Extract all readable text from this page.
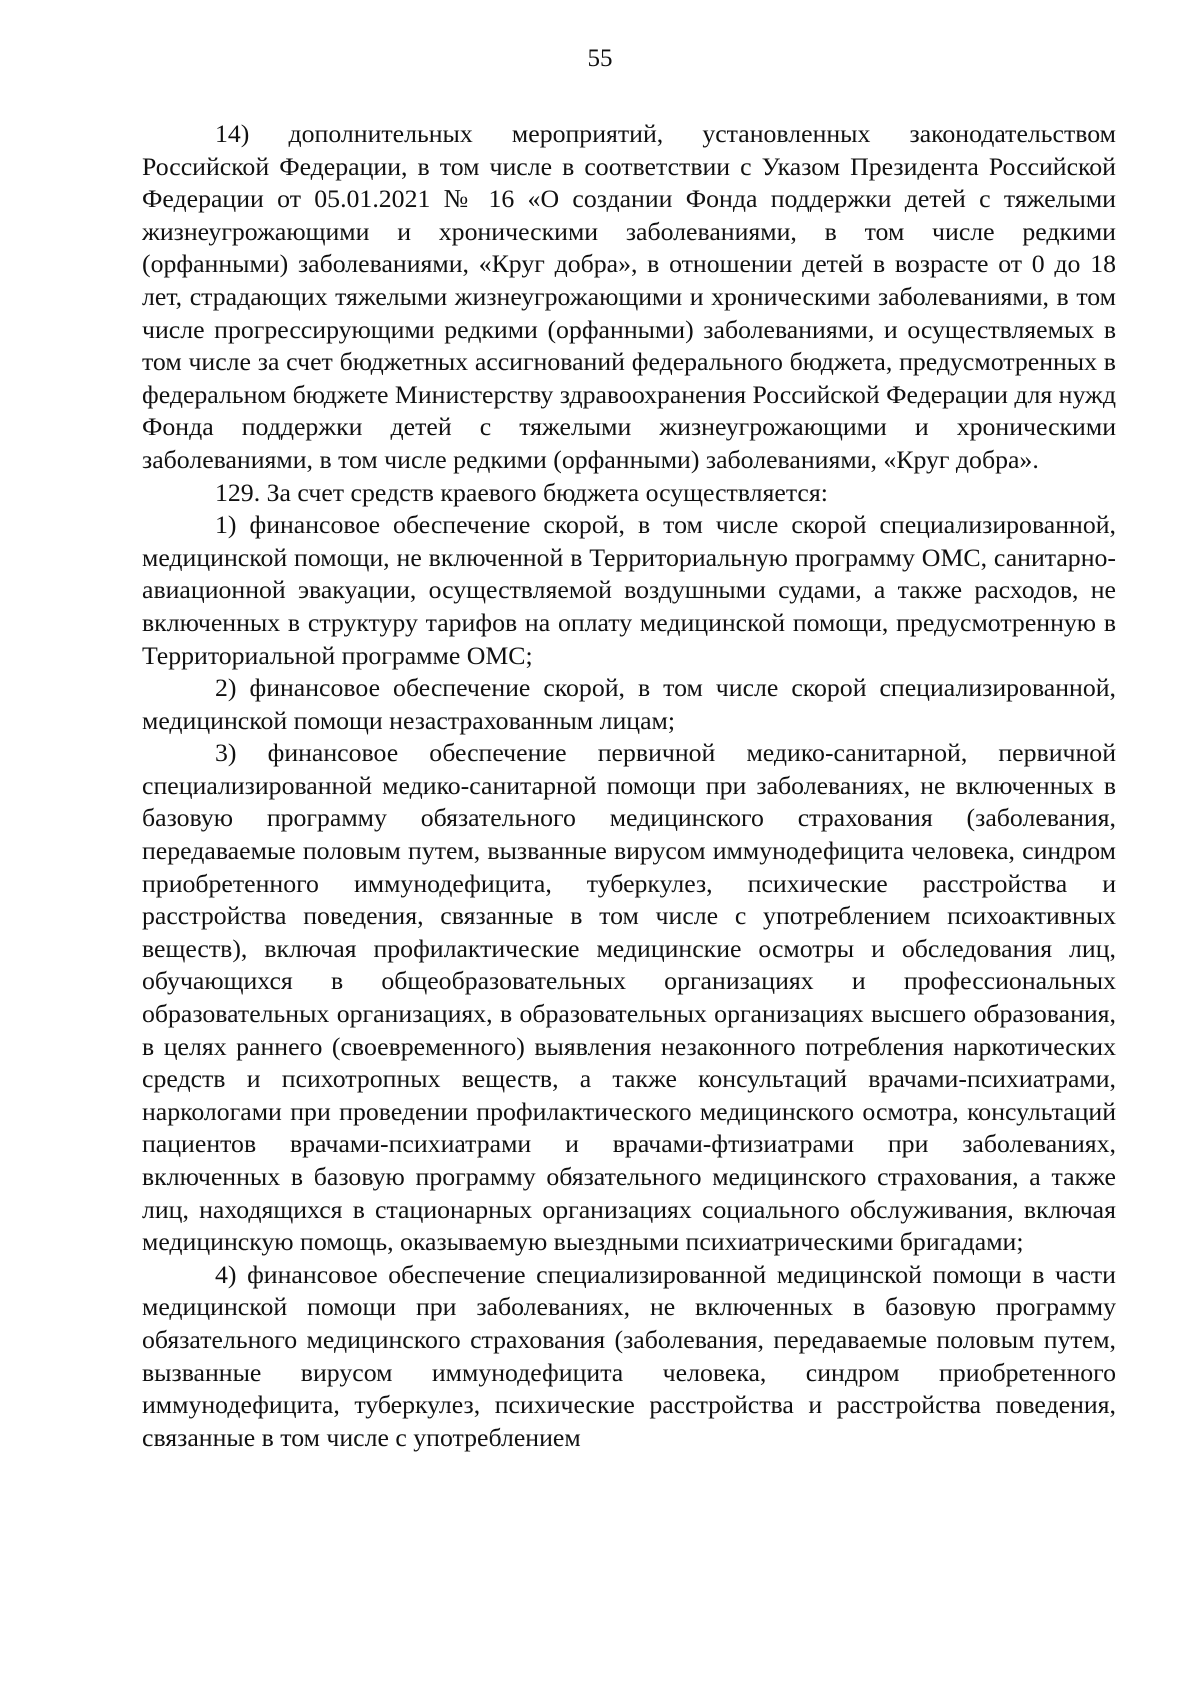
55

14) дополнительных мероприятий, установленных законодательством Российской Федерации, в том числе в соответствии с Указом Президента Российской Федерации от 05.01.2021 № 16 «О создании Фонда поддержки детей с тяжелыми жизнеугрожающими и хроническими заболеваниями, в том числе редкими (орфанными) заболеваниями, «Круг добра», в отношении детей в возрасте от 0 до 18 лет, страдающих тяжелыми жизнеугрожающими и хроническими заболеваниями, в том числе прогрессирующими редкими (орфанными) заболеваниями, и осуществляемых в том числе за счет бюджетных ассигнований федерального бюджета, предусмотренных в федеральном бюджете Министерству здравоохранения Российской Федерации для нужд Фонда поддержки детей с тяжелыми жизнеугрожающими и хроническими заболеваниями, в том числе редкими (орфанными) заболеваниями, «Круг добра».

129. За счет средств краевого бюджета осуществляется:

1) финансовое обеспечение скорой, в том числе скорой специализированной, медицинской помощи, не включенной в Территориальную программу ОМС, санитарно-авиационной эвакуации, осуществляемой воздушными судами, а также расходов, не включенных в структуру тарифов на оплату медицинской помощи, предусмотренную в Территориальной программе ОМС;

2) финансовое обеспечение скорой, в том числе скорой специализированной, медицинской помощи незастрахованным лицам;

3) финансовое обеспечение первичной медико-санитарной, первичной специализированной медико-санитарной помощи при заболеваниях, не включенных в базовую программу обязательного медицинского страхования (заболевания, передаваемые половым путем, вызванные вирусом иммунодефицита человека, синдром приобретенного иммунодефицита, туберкулез, психические расстройства и расстройства поведения, связанные в том числе с употреблением психоактивных веществ), включая профилактические медицинские осмотры и обследования лиц, обучающихся в общеобразовательных организациях и профессиональных образовательных организациях, в образовательных организациях высшего образования, в целях раннего (своевременного) выявления незаконного потребления наркотических средств и психотропных веществ, а также консультаций врачами-психиатрами, наркологами при проведении профилактического медицинского осмотра, консультаций пациентов врачами-психиатрами и врачами-фтизиатрами при заболеваниях, включенных в базовую программу обязательного медицинского страхования, а также лиц, находящихся в стационарных организациях социального обслуживания, включая медицинскую помощь, оказываемую выездными психиатрическими бригадами;

4) финансовое обеспечение специализированной медицинской помощи в части медицинской помощи при заболеваниях, не включенных в базовую программу обязательного медицинского страхования (заболевания, передаваемые половым путем, вызванные вирусом иммунодефицита человека, синдром приобретенного иммунодефицита, туберкулез, психические расстройства и расстройства поведения, связанные в том числе с употреблением
